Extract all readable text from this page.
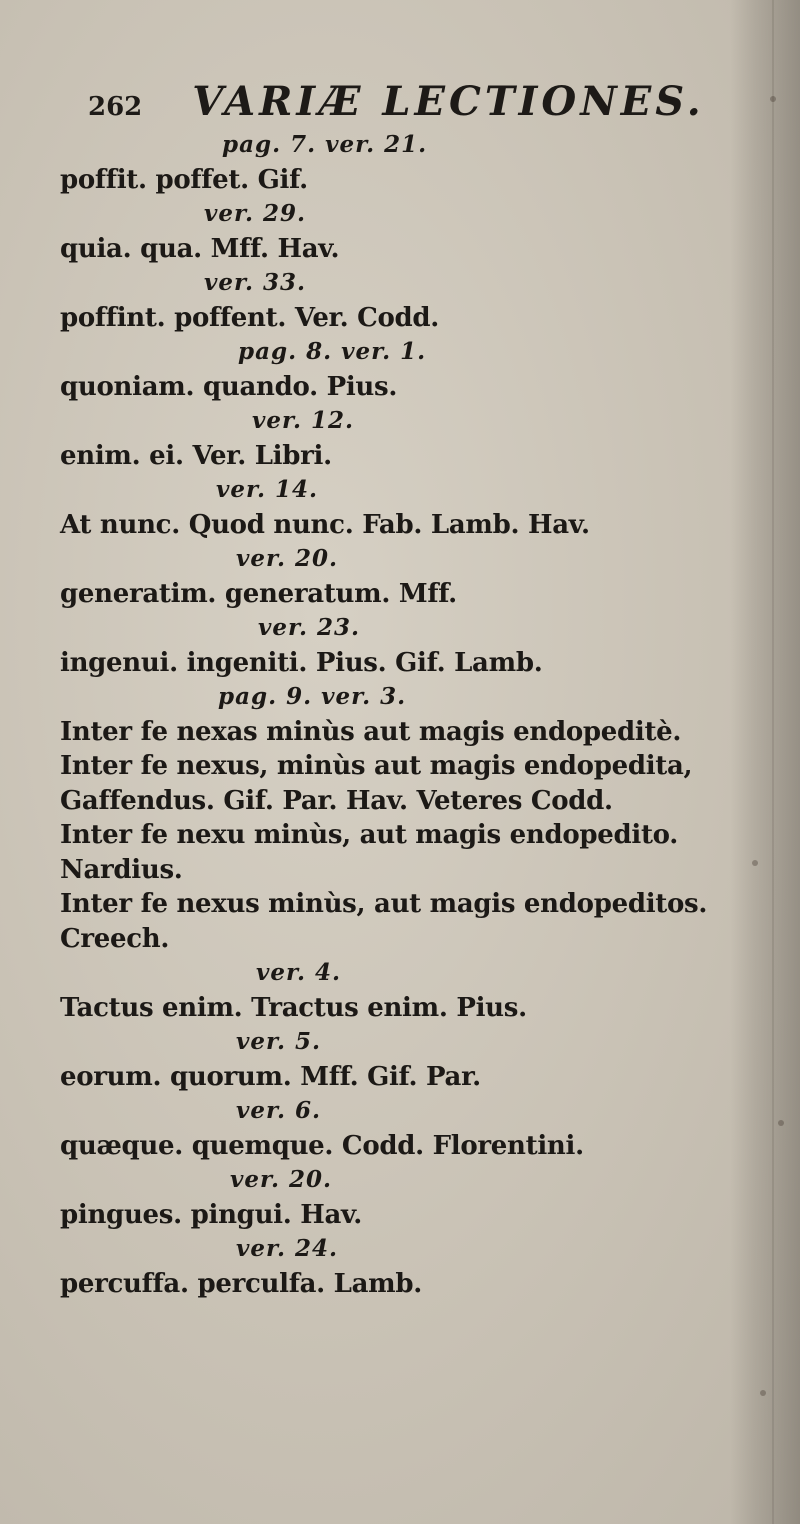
262 VARIÆ LECTIONES.
pag. 7. ver. 21.
poffit. poffet. Gif.
ver. 29.
quia. qua. Mff. Hav.
ver. 33.
poffint. poffent. Ver. Codd.
pag. 8. ver. 1.
quoniam. quando. Pius.
ver. 12.
enim. ei. Ver. Libri.
ver. 14.
At nunc. Quod nunc. Fab. Lamb. Hav.
ver. 20.
generatim. generatum. Mff.
ver. 23.
ingenui. ingeniti. Pius. Gif. Lamb.
pag. 9. ver. 3.
Inter fe nexas minùs aut magis endopeditè.
Inter fe nexus, minùs aut magis endopedita,
Gaffendus. Gif. Par. Hav. Veteres Codd.
Inter fe nexu minùs, aut magis endopedito.
Nardius.
Inter fe nexus minùs, aut magis endopeditos.
Creech.
ver. 4.
Tactus enim. Tractus enim. Pius.
ver. 5.
eorum. quorum. Mff. Gif. Par.
ver. 6.
quæque. quemque. Codd. Florentini.
ver. 20.
pingues. pingui. Hav.
ver. 24.
percuffa. perculfa. Lamb.
